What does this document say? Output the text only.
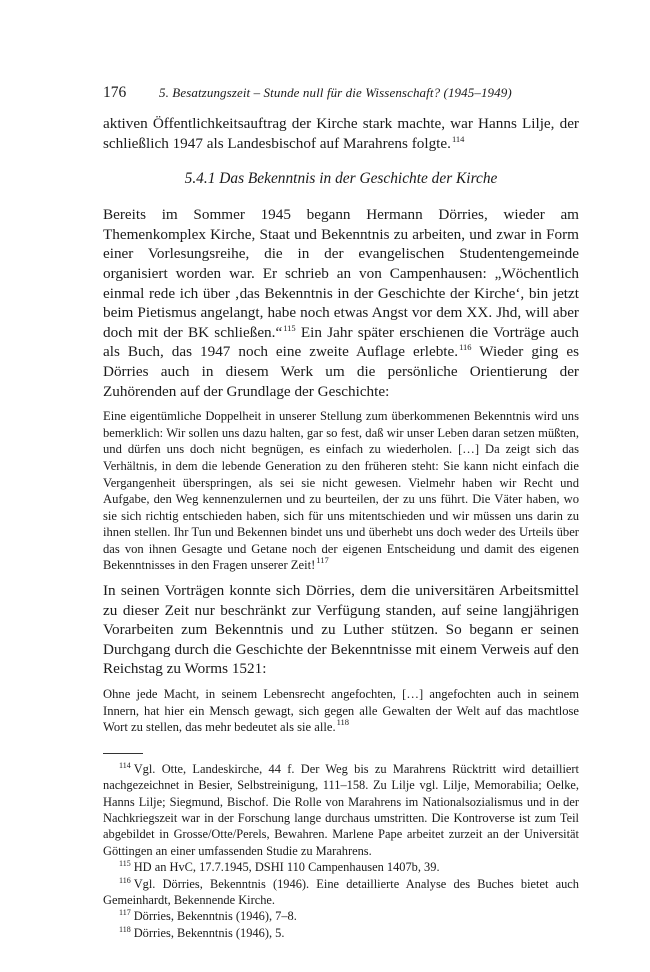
176	5. Besatzungszeit – Stunde null für die Wissenschaft? (1945–1949)

aktiven Öffentlichkeitsauftrag der Kirche stark machte, war Hanns Lilje, der schließlich 1947 als Landesbischof auf Marahrens folgte.$^{114}$

5.4.1 Das Bekenntnis in der Geschichte der Kirche

Bereits im Sommer 1945 begann Hermann Dörries, wieder am Themenkomplex Kirche, Staat und Bekenntnis zu arbeiten, und zwar in Form einer Vorlesungsreihe, die in der evangelischen Studentengemeinde organisiert worden war. Er schrieb an von Campenhausen: „Wöchentlich einmal rede ich über ‚das Bekenntnis in der Geschichte der Kirche‘, bin jetzt beim Pietismus angelangt, habe noch etwas Angst vor dem XX. Jhd, will aber doch mit der BK schließen.“$^{115}$ Ein Jahr später erschienen die Vorträge auch als Buch, das 1947 noch eine zweite Auflage erlebte.$^{116}$ Wieder ging es Dörries auch in diesem Werk um die persönliche Orientierung der Zuhörenden auf der Grundlage der Geschichte:

Eine eigentümliche Doppelheit in unserer Stellung zum überkommenen Bekenntnis wird uns bemerklich: Wir sollen uns dazu halten, gar so fest, daß wir unser Leben daran setzen müßten, und dürfen uns doch nicht begnügen, es einfach zu wiederholen. […] Da zeigt sich das Verhältnis, in dem die lebende Generation zu den früheren steht: Sie kann nicht einfach die Vergangenheit überspringen, als sei sie nicht gewesen. Vielmehr haben wir Recht und Aufgabe, den Weg kennenzulernen und zu beurteilen, der zu uns führt. Die Väter haben, wo sie sich richtig entschieden haben, sich für uns mitentschieden und wir müssen uns darin zu ihnen stellen. Ihr Tun und Bekennen bindet uns und überhebt uns doch weder des Urteils über das von ihnen Gesagte und Getane noch der eigenen Entscheidung und damit des eigenen Bekenntnisses in den Fragen unserer Zeit!$^{117}$

In seinen Vorträgen konnte sich Dörries, dem die universitären Arbeitsmittel zu dieser Zeit nur beschränkt zur Verfügung standen, auf seine langjährigen Vorarbeiten zum Bekenntnis und zu Luther stützen. So begann er seinen Durchgang durch die Geschichte der Bekenntnisse mit einem Verweis auf den Reichstag zu Worms 1521:

Ohne jede Macht, in seinem Lebensrecht angefochten, […] angefochten auch in seinem Innern, hat hier ein Mensch gewagt, sich gegen alle Gewalten der Welt auf das machtlose Wort zu stellen, das mehr bedeutet als sie alle.$^{118}$

$^{114}$ Vgl. Otte, Landeskirche, 44 f. Der Weg bis zu Marahrens Rücktritt wird detailliert nachgezeichnet in Besier, Selbstreinigung, 111–158. Zu Lilje vgl. Lilje, Memorabilia; Oelke, Hanns Lilje; Siegmund, Bischof. Die Rolle von Marahrens im Nationalsozialismus und in der Nachkriegszeit war in der Forschung lange durchaus umstritten. Die Kontroverse ist zum Teil abgebildet in Grosse/Otte/Perels, Bewahren. Marlene Pape arbeitet zurzeit an der Universität Göttingen an einer umfassenden Studie zu Marahrens.

$^{115}$ HD an HvC, 17.7.1945, DSHI 110 Campenhausen 1407b, 39.

$^{116}$ Vgl. Dörries, Bekenntnis (1946). Eine detaillierte Analyse des Buches bietet auch Gemeinhardt, Bekennende Kirche.

$^{117}$ Dörries, Bekenntnis (1946), 7–8.

$^{118}$ Dörries, Bekenntnis (1946), 5.
